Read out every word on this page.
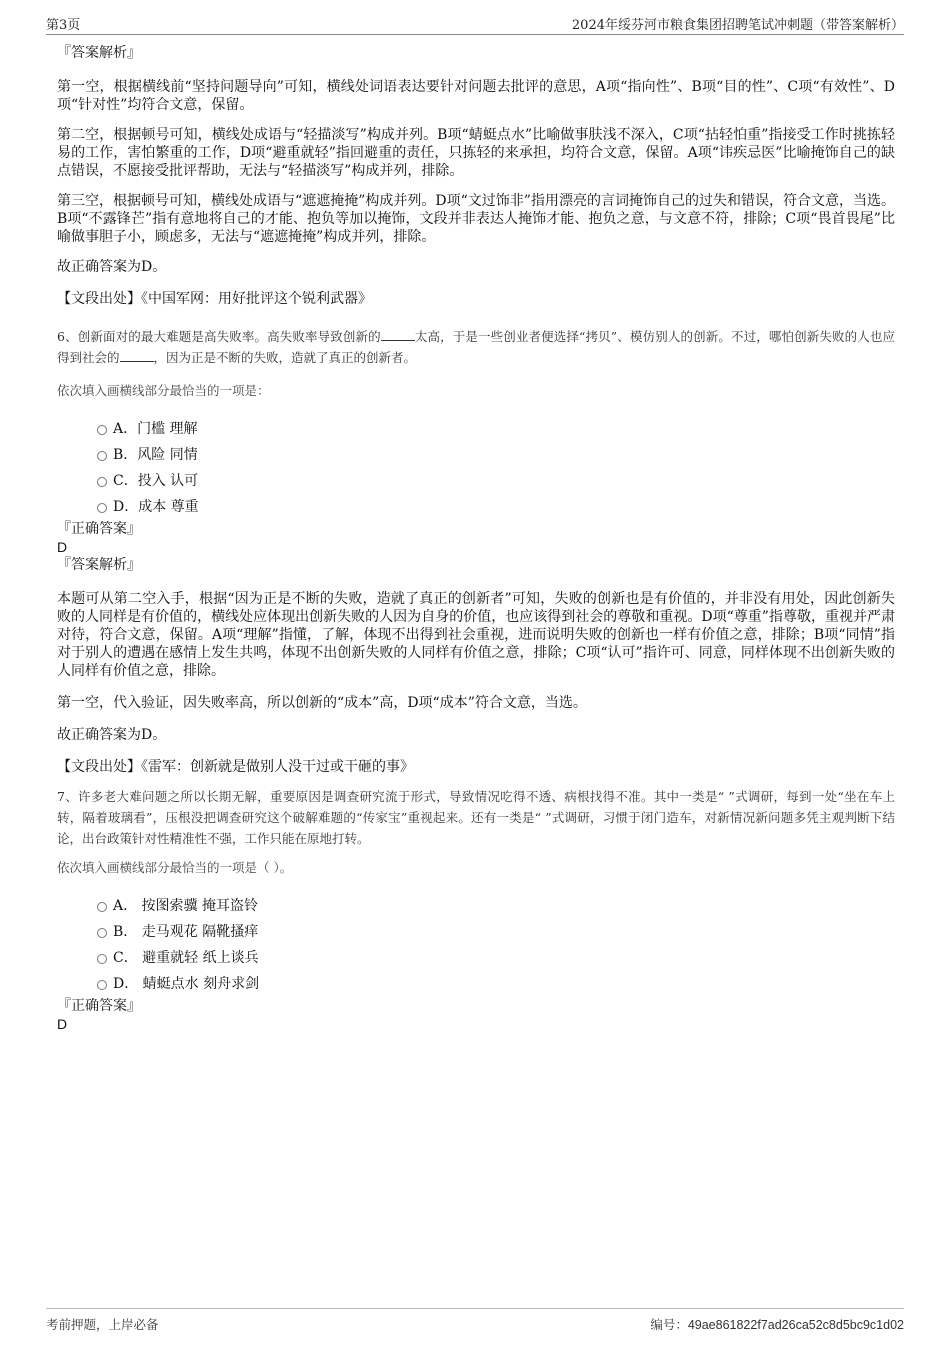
第3页	2024年绥芬河市粮食集团招聘笔试冲刺题（带答案解析）

『答案解析』

第一空，根据横线前“坚持问题导向”可知，横线处词语表达要针对问题去批评的意思，A项“指向性”、B项“目的性”、C项“有效性”、D项“针对性”均符合文意，保留。

第二空，根据顿号可知，横线处成语与“轻描淡写”构成并列。B项“蜻蜓点水”比喻做事肤浅不深入，C项“拈轻怕重”指接受工作时挑拣轻易的工作，害怕繁重的工作，D项“避重就轻”指回避重的责任，只拣轻的来承担，均符合文意，保留。A项“讳疾忌医”比喻掩饰自己的缺点错误，不愿接受批评帮助，无法与“轻描淡写”构成并列，排除。

第三空，根据顿号可知，横线处成语与“遮遮掩掩”构成并列。D项“文过饰非”指用漂亮的言词掩饰自己的过失和错误，符合文意，当选。B项“不露锋芒”指有意地将自己的才能、抱负等加以掩饰，文段并非表达人掩饰才能、抱负之意，与文意不符，排除；C项“畏首畏尾”比喻做事胆子小，顾虑多，无法与“遮遮掩掩”构成并列，排除。

故正确答案为D。

【文段出处】《中国军网：用好批评这个锐利武器》

6、创新面对的最大难题是高失败率。高失败率导致创新的	太高，于是一些创业者便选择“拷贝”、模仿别人的创新。不过，哪怕创新失败的人也应得到社会的	，因为正是不断的失败，造就了真正的创新者。

依次填入画横线部分最恰当的一项是：

A．门槛 理解
B．风险 同情
C．投入 认可
D．成本 尊重

『正确答案』

D

『答案解析』

本题可从第二空入手，根据“因为正是不断的失败，造就了真正的创新者”可知，失败的创新也是有价值的，并非没有用处，因此创新失败的人同样是有价值的，横线处应体现出创新失败的人因为自身的价值，也应该得到社会的尊敬和重视。D项“尊重”指尊敬，重视并严肃对待，符合文意，保留。A项“理解”指懂，了解，体现不出得到社会重视，进而说明失败的创新也一样有价值之意，排除；B项“同情”指对于别人的遭遇在感情上发生共鸣，体现不出创新失败的人同样有价值之意，排除；C项“认可”指许可、同意，同样体现不出创新失败的人同样有价值之意，排除。

第一空，代入验证，因失败率高，所以创新的“成本”高，D项“成本”符合文意，当选。

故正确答案为D。

【文段出处】《雷军：创新就是做别人没干过或干砸的事》

7、许多老大难问题之所以长期无解，重要原因是调查研究流于形式，导致情况吃得不透、病根找得不准。其中一类是“ ”式调研，每到一处“坐在车上转，隔着玻璃看”，压根没把调查研究这个破解难题的“传家宝”重视起来。还有一类是“ ”式调研，习惯于闭门造车，对新情况新问题多凭主观判断下结论，出台政策针对性精准性不强，工作只能在原地打转。

依次填入画横线部分最恰当的一项是（ ）。

A． 按图索骥 掩耳盗铃
B． 走马观花 隔靴搔痒
C． 避重就轻 纸上谈兵
D． 蜻蜓点水 刻舟求剑

『正确答案』

D

考前押题，上岸必备	编号：49ae861822f7ad26ca52c8d5bc9c1d02
